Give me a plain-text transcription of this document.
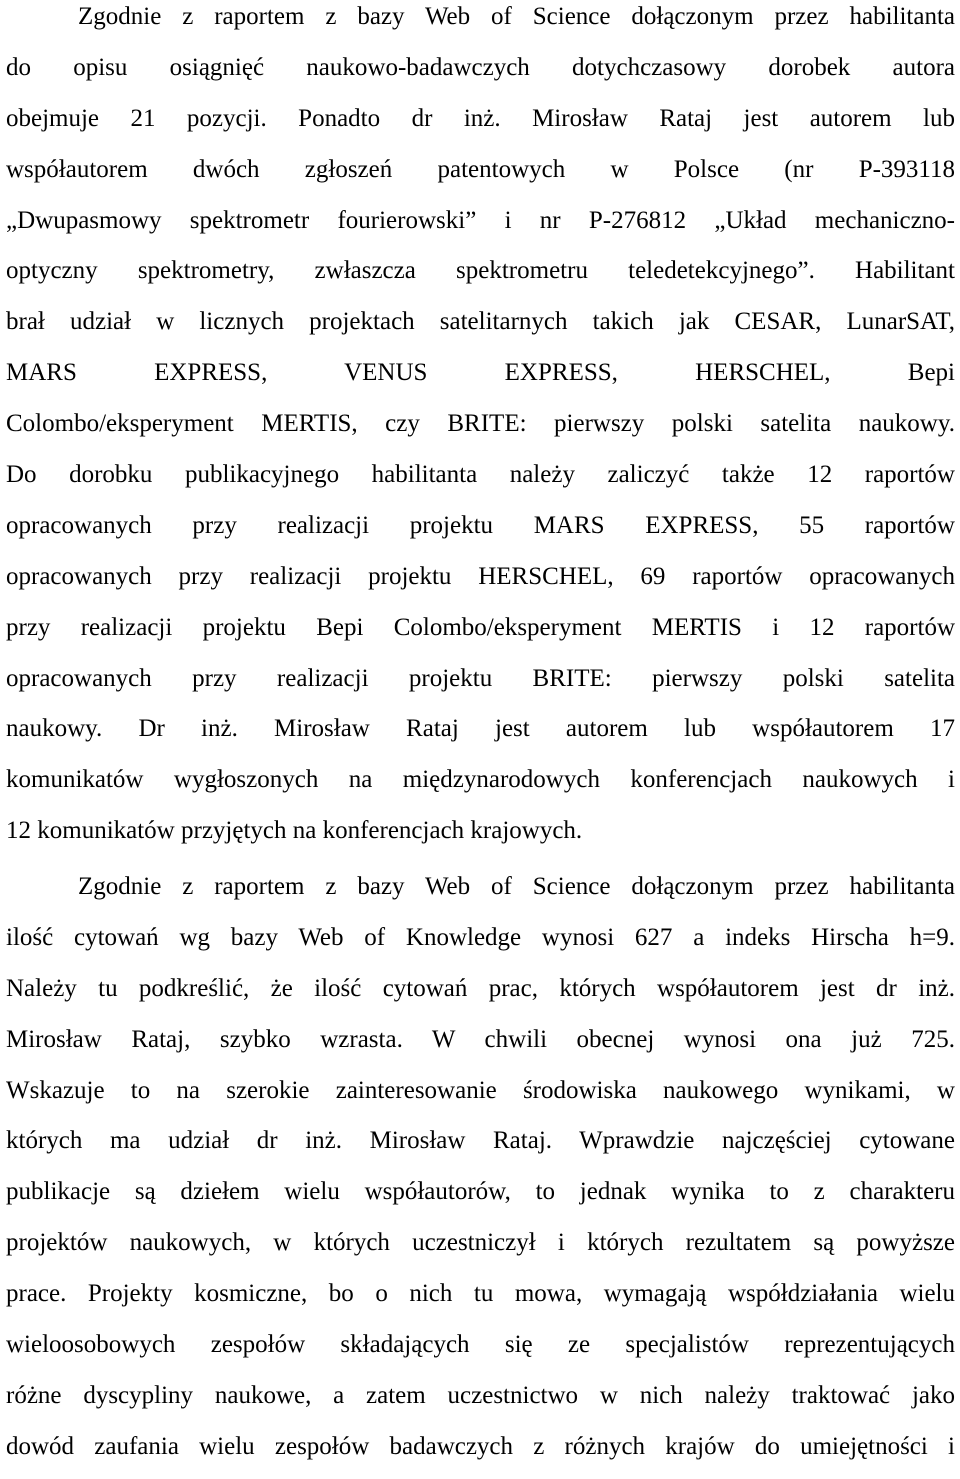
Zgodnie z raportem z bazy Web of Science dołączonym przez habilitanta
do opisu osiągnięć naukowo-badawczych dotychczasowy dorobek autora
obejmuje 21 pozycji. Ponadto dr inż. Mirosław Rataj jest autorem lub
współautorem dwóch zgłoszeń patentowych w Polsce (nr P-393118
„Dwupasmowy spektrometr fourierowski” i nr P-276812 „Układ mechaniczno-
optyczny spektrometry, zwłaszcza spektrometru teledetekcyjnego”. Habilitant
brał udział w licznych projektach satelitarnych takich jak CESAR, LunarSAT,
MARS EXPRESS, VENUS EXPRESS, HERSCHEL, Bepi
Colombo/eksperyment MERTIS, czy BRITE: pierwszy polski satelita naukowy.
Do dorobku publikacyjnego habilitanta należy zaliczyć także 12 raportów
opracowanych przy realizacji projektu MARS EXPRESS, 55 raportów
opracowanych przy realizacji projektu HERSCHEL, 69 raportów opracowanych
przy realizacji projektu Bepi Colombo/eksperyment MERTIS i 12 raportów
opracowanych przy realizacji projektu BRITE: pierwszy polski satelita
naukowy. Dr inż. Mirosław Rataj jest autorem lub współautorem 17
komunikatów wygłoszonych na międzynarodowych konferencjach naukowych i
12 komunikatów przyjętych na konferencjach krajowych.
Zgodnie z raportem z bazy Web of Science dołączonym przez habilitanta
ilość cytowań wg bazy Web of Knowledge wynosi 627 a indeks Hirscha h=9.
Należy tu podkreślić, że ilość cytowań prac, których współautorem jest dr inż.
Mirosław Rataj, szybko wzrasta. W chwili obecnej wynosi ona już 725.
Wskazuje to na szerokie zainteresowanie środowiska naukowego wynikami, w
których ma udział dr inż. Mirosław Rataj. Wprawdzie najczęściej cytowane
publikacje są dziełem wielu współautorów, to jednak wynika to z charakteru
projektów naukowych, w których uczestniczył i których rezultatem są powyższe
prace. Projekty kosmiczne, bo o nich tu mowa, wymagają współdziałania wielu
wieloosobowych zespołów składających się ze specjalistów reprezentujących
różne dyscypliny naukowe, a zatem uczestnictwo w nich należy traktować jako
dowód zaufania wielu zespołów badawczych z różnych krajów do umiejętności i
